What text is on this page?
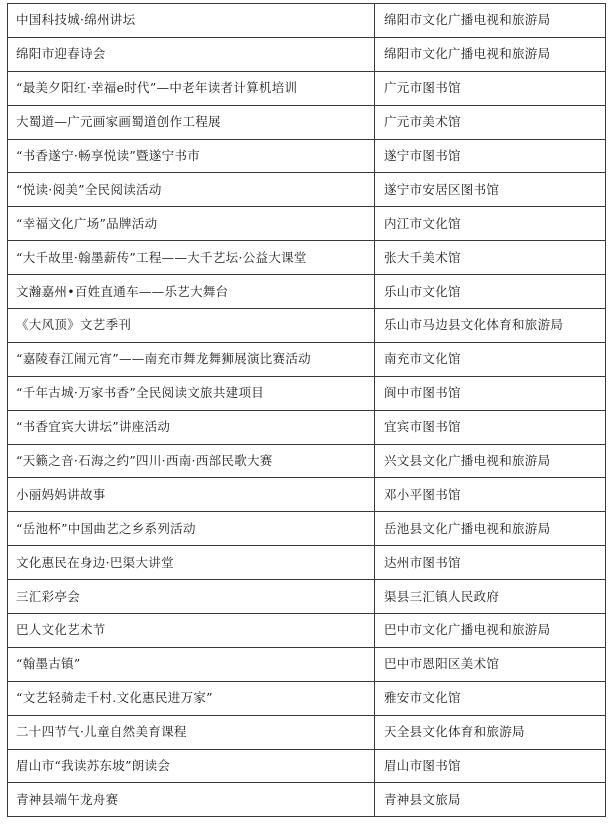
中国科技城·绵州讲坛	绵阳市文化广播电视和旅游局
绵阳市迎春诗会	绵阳市文化广播电视和旅游局
“最美夕阳红·幸福e时代”—中老年读者计算机培训	广元市图书馆
大蜀道—广元画家画蜀道创作工程展	广元市美术馆
“书香遂宁·畅享悦读”暨遂宁书市	遂宁市图书馆
“悦读·阅美”全民阅读活动	遂宁市安居区图书馆
“幸福文化广场”品牌活动	内江市文化馆
“大千故里·翰墨薪传”工程——大千艺坛·公益大课堂	张大千美术馆
文瀚嘉州•百姓直通车——乐艺大舞台	乐山市文化馆
《大风顶》文艺季刊	乐山市马边县文化体育和旅游局
“嘉陵春江闹元宵”——南充市舞龙舞狮展演比赛活动	南充市文化馆
“千年古城·万家书香”全民阅读文旅共建项目	阆中市图书馆
“书香宜宾大讲坛”讲座活动	宜宾市图书馆
“天籁之音·石海之约”四川·西南·西部民歌大赛	兴文县文化广播电视和旅游局
小丽妈妈讲故事	邓小平图书馆
“岳池杯”中国曲艺之乡系列活动	岳池县文化广播电视和旅游局
文化惠民在身边·巴渠大讲堂	达州市图书馆
三汇彩亭会	渠县三汇镇人民政府
巴人文化艺术节	巴中市文化广播电视和旅游局
“翰墨古镇”	巴中市恩阳区美术馆
“文艺轻骑走千村.文化惠民进万家”	雅安市文化馆
二十四节气·儿童自然美育课程	天全县文化体育和旅游局
眉山市“我读苏东坡”朗读会	眉山市图书馆
青神县端午龙舟赛	青神县文旅局
